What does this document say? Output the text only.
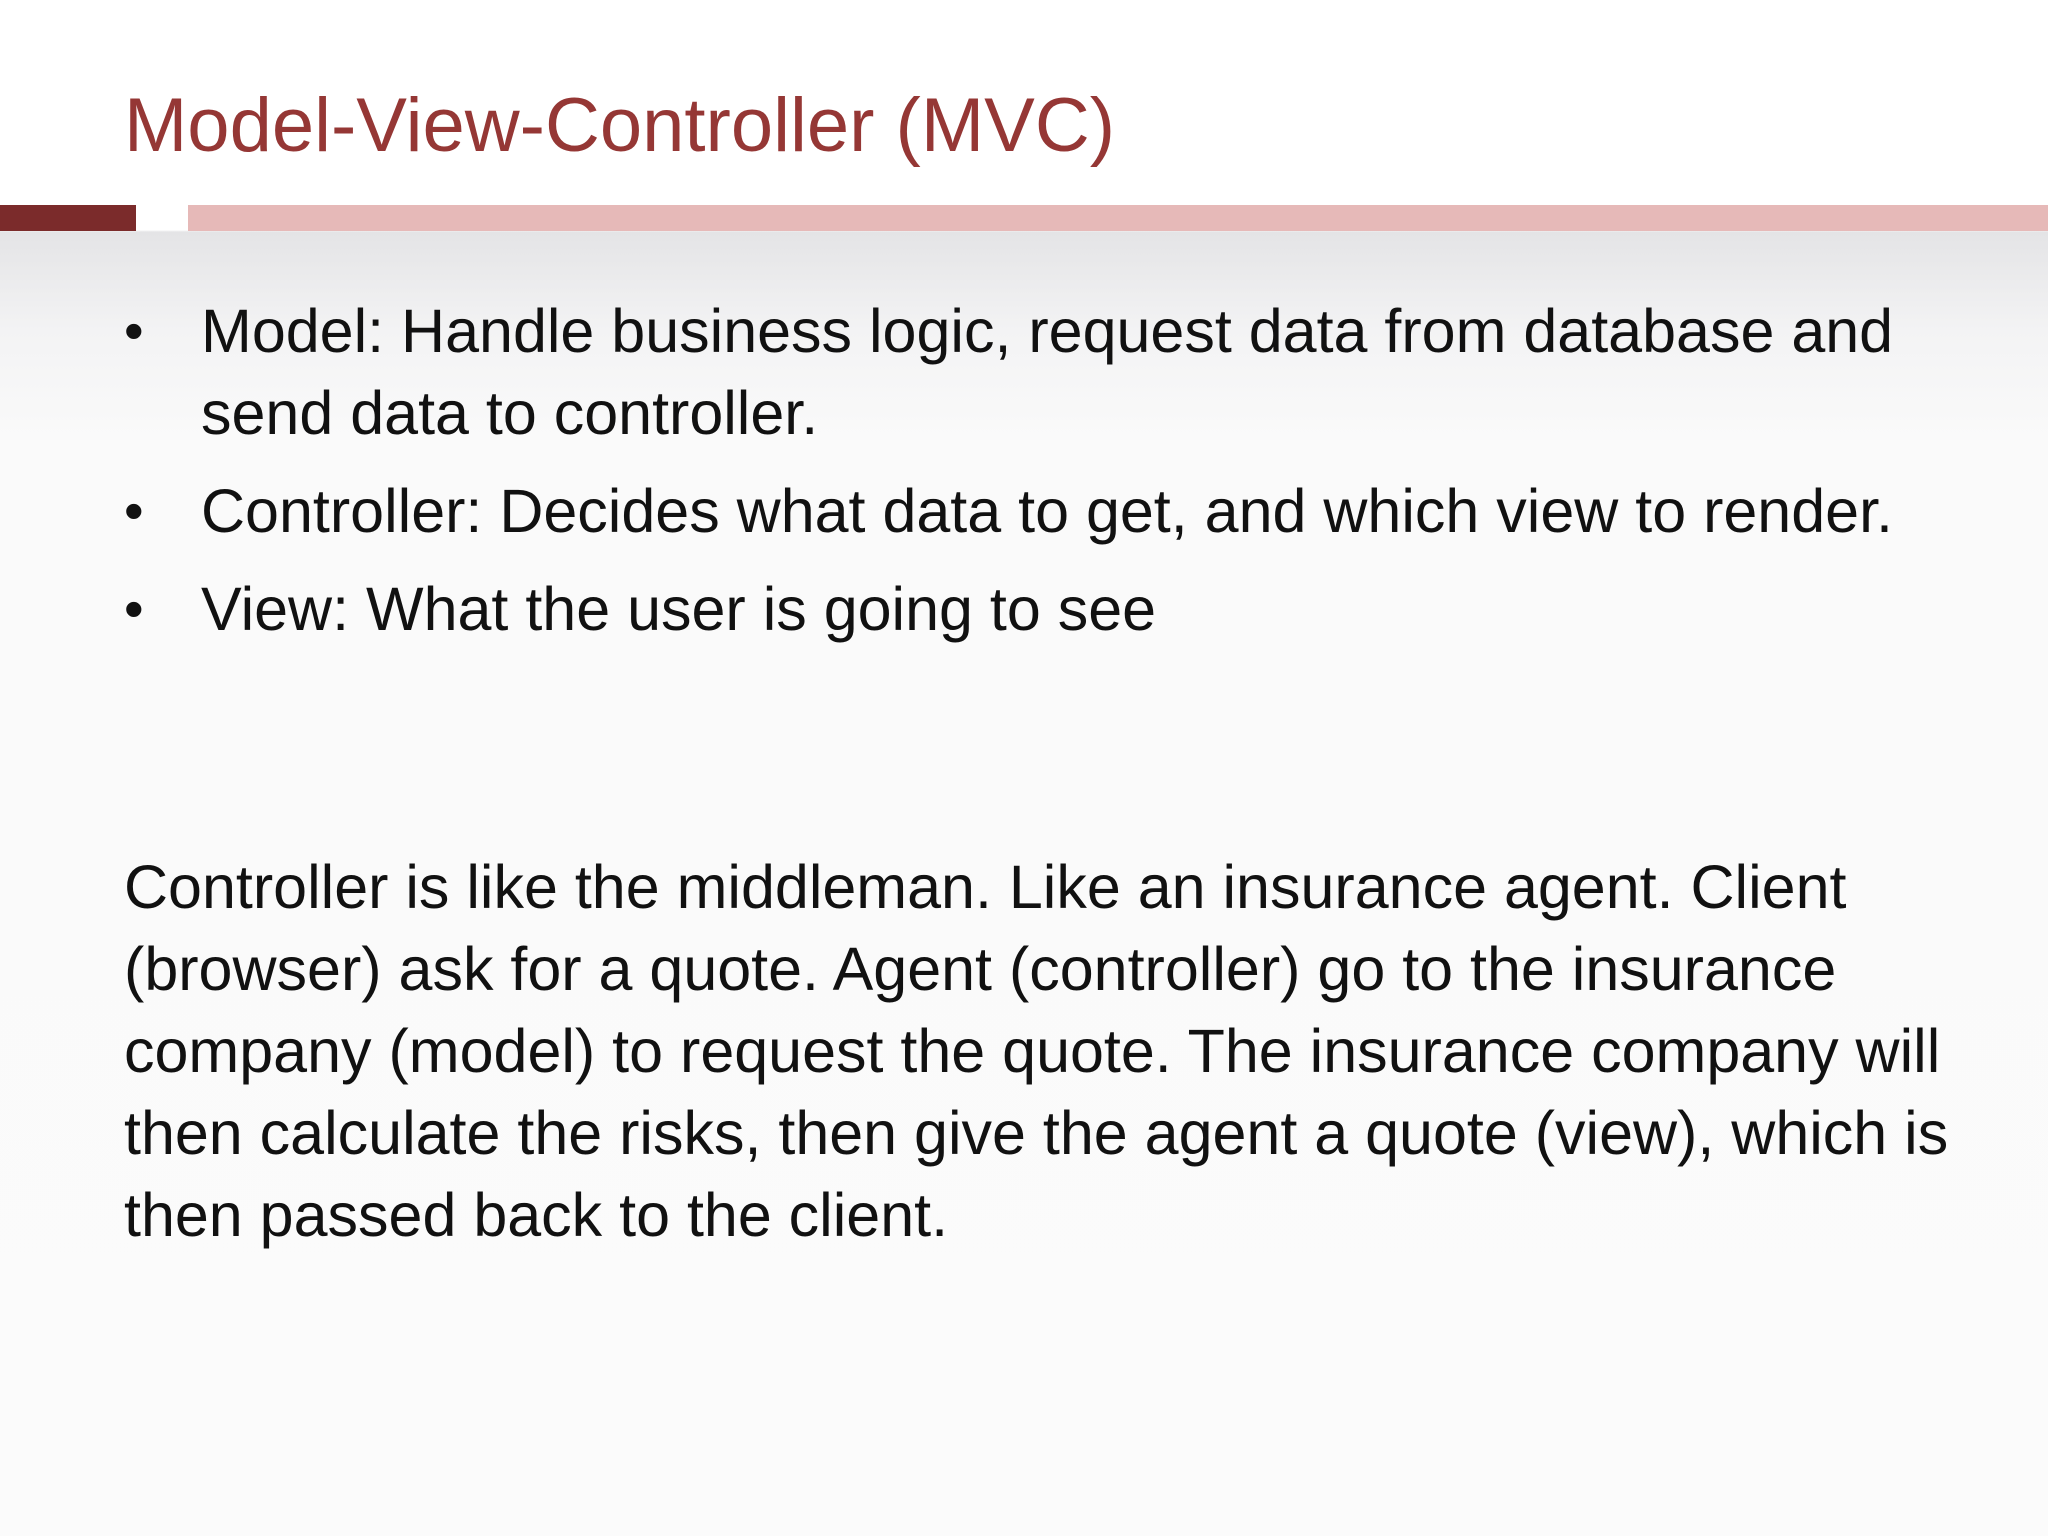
Model-View-Controller (MVC)
• Model: Handle business logic, request data from database and send data to controller.
• Controller: Decides what data to get, and which view to render.
• View: What the user is going to see

Controller is like the middleman. Like an insurance agent. Client (browser) ask for a quote. Agent (controller) go to the insurance company (model) to request the quote. The insurance company will then calculate the risks, then give the agent a quote (view), which is then passed back to the client.
